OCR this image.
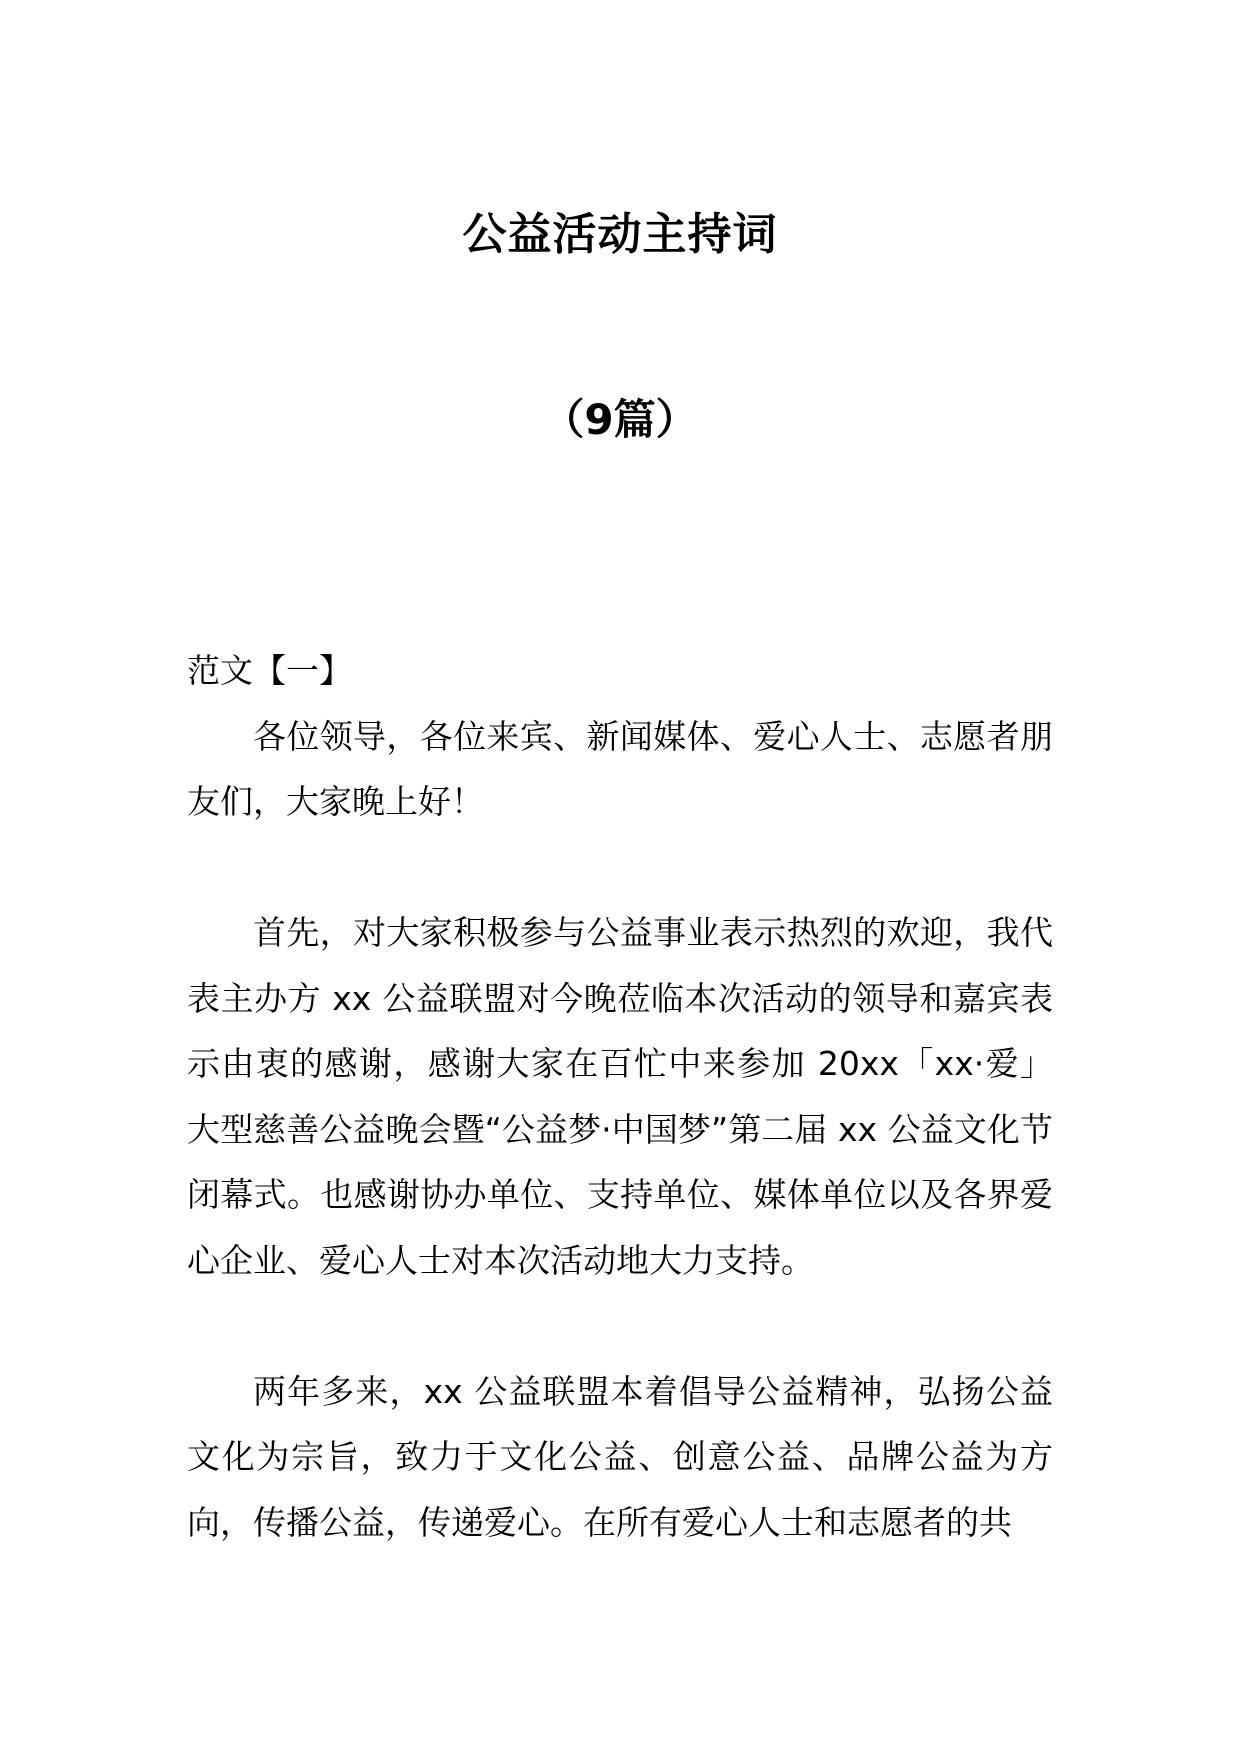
公益活动主持词
（9篇）
范文【一】

各位领导，各位来宾、新闻媒体、爱心人士、志愿者朋友们，大家晚上好！

首先，对大家积极参与公益事业表示热烈的欢迎，我代表主办方 xx 公益联盟对今晚莅临本次活动的领导和嘉宾表示由衷的感谢，感谢大家在百忙中来参加 20xx「xx·爱」大型慈善公益晚会暨“公益梦·中国梦”第二届 xx 公益文化节闭幕式。也感谢协办单位、支持单位、媒体单位以及各界爱心企业、爱心人士对本次活动地大力支持。

两年多来，xx 公益联盟本着倡导公益精神，弘扬公益文化为宗旨，致力于文化公益、创意公益、品牌公益为方向，传播公益，传递爱心。在所有爱心人士和志愿者的共
